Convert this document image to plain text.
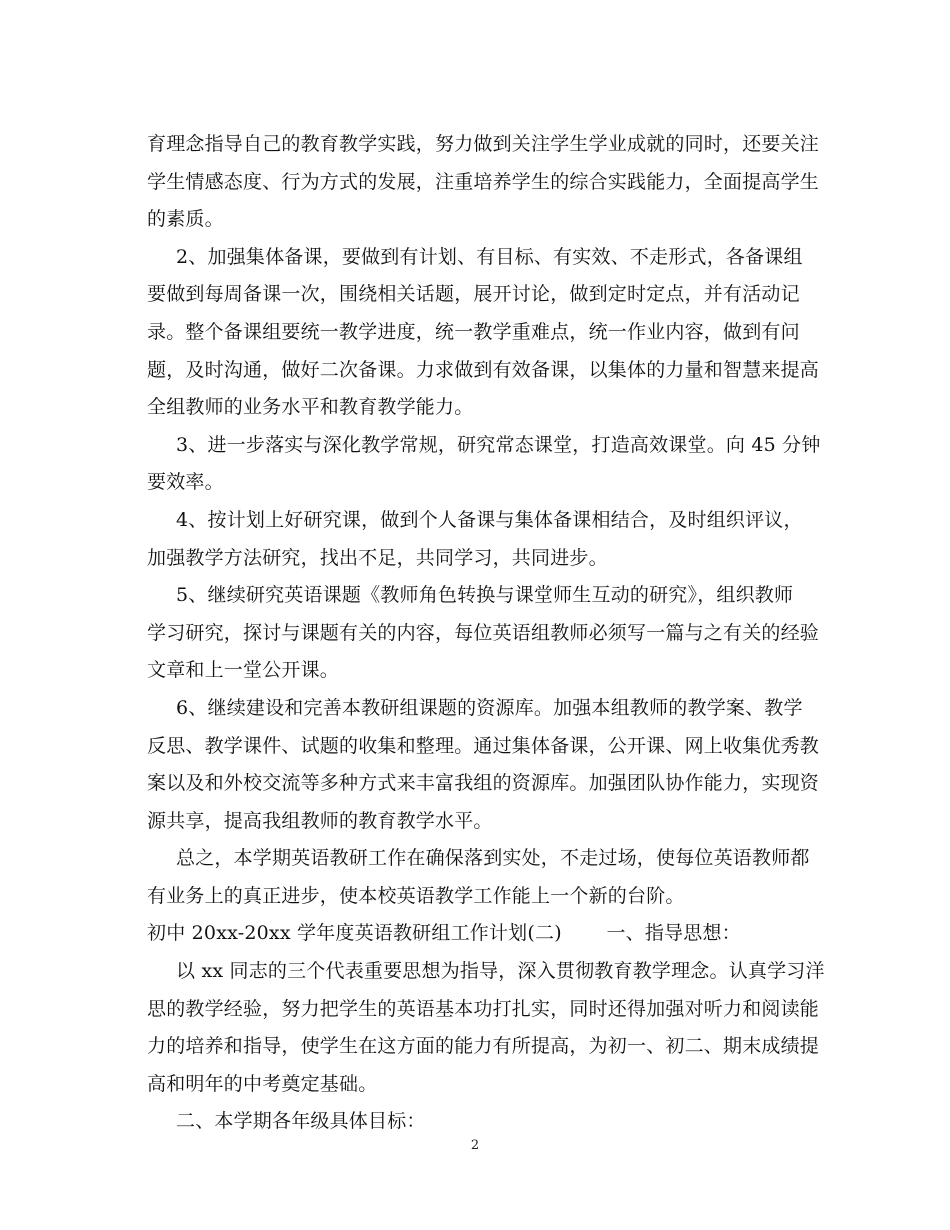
育理念指导自己的教育教学实践，努力做到关注学生学业成就的同时，还要关注
学生情感态度、行为方式的发展，注重培养学生的综合实践能力，全面提高学生
的素质。
2、加强集体备课，要做到有计划、有目标、有实效、不走形式，各备课组
要做到每周备课一次，围绕相关话题，展开讨论，做到定时定点，并有活动记
录。整个备课组要统一教学进度，统一教学重难点，统一作业内容，做到有问
题，及时沟通，做好二次备课。力求做到有效备课，以集体的力量和智慧来提高
全组教师的业务水平和教育教学能力。
3、进一步落实与深化教学常规，研究常态课堂，打造高效课堂。向 45 分钟
要效率。
4、按计划上好研究课，做到个人备课与集体备课相结合，及时组织评议，
加强教学方法研究，找出不足，共同学习，共同进步。
5、继续研究英语课题《教师角色转换与课堂师生互动的研究》，组织教师
学习研究，探讨与课题有关的内容，每位英语组教师必须写一篇与之有关的经验
文章和上一堂公开课。
6、继续建设和完善本教研组课题的资源库。加强本组教师的教学案、教学
反思、教学课件、试题的收集和整理。通过集体备课，公开课、网上收集优秀教
案以及和外校交流等多种方式来丰富我组的资源库。加强团队协作能力，实现资
源共享，提高我组教师的教育教学水平。
总之，本学期英语教研工作在确保落到实处，不走过场，使每位英语教师都
有业务上的真正进步，使本校英语教学工作能上一个新的台阶。
初中 20xx-20xx 学年度英语教研组工作计划(二)　　 一、指导思想：
以 xx 同志的三个代表重要思想为指导，深入贯彻教育教学理念。认真学习洋
思的教学经验，努力把学生的英语基本功打扎实，同时还得加强对听力和阅读能
力的培养和指导，使学生在这方面的能力有所提高，为初一、初二、期末成绩提
高和明年的中考奠定基础。
二、本学期各年级具体目标：
2
